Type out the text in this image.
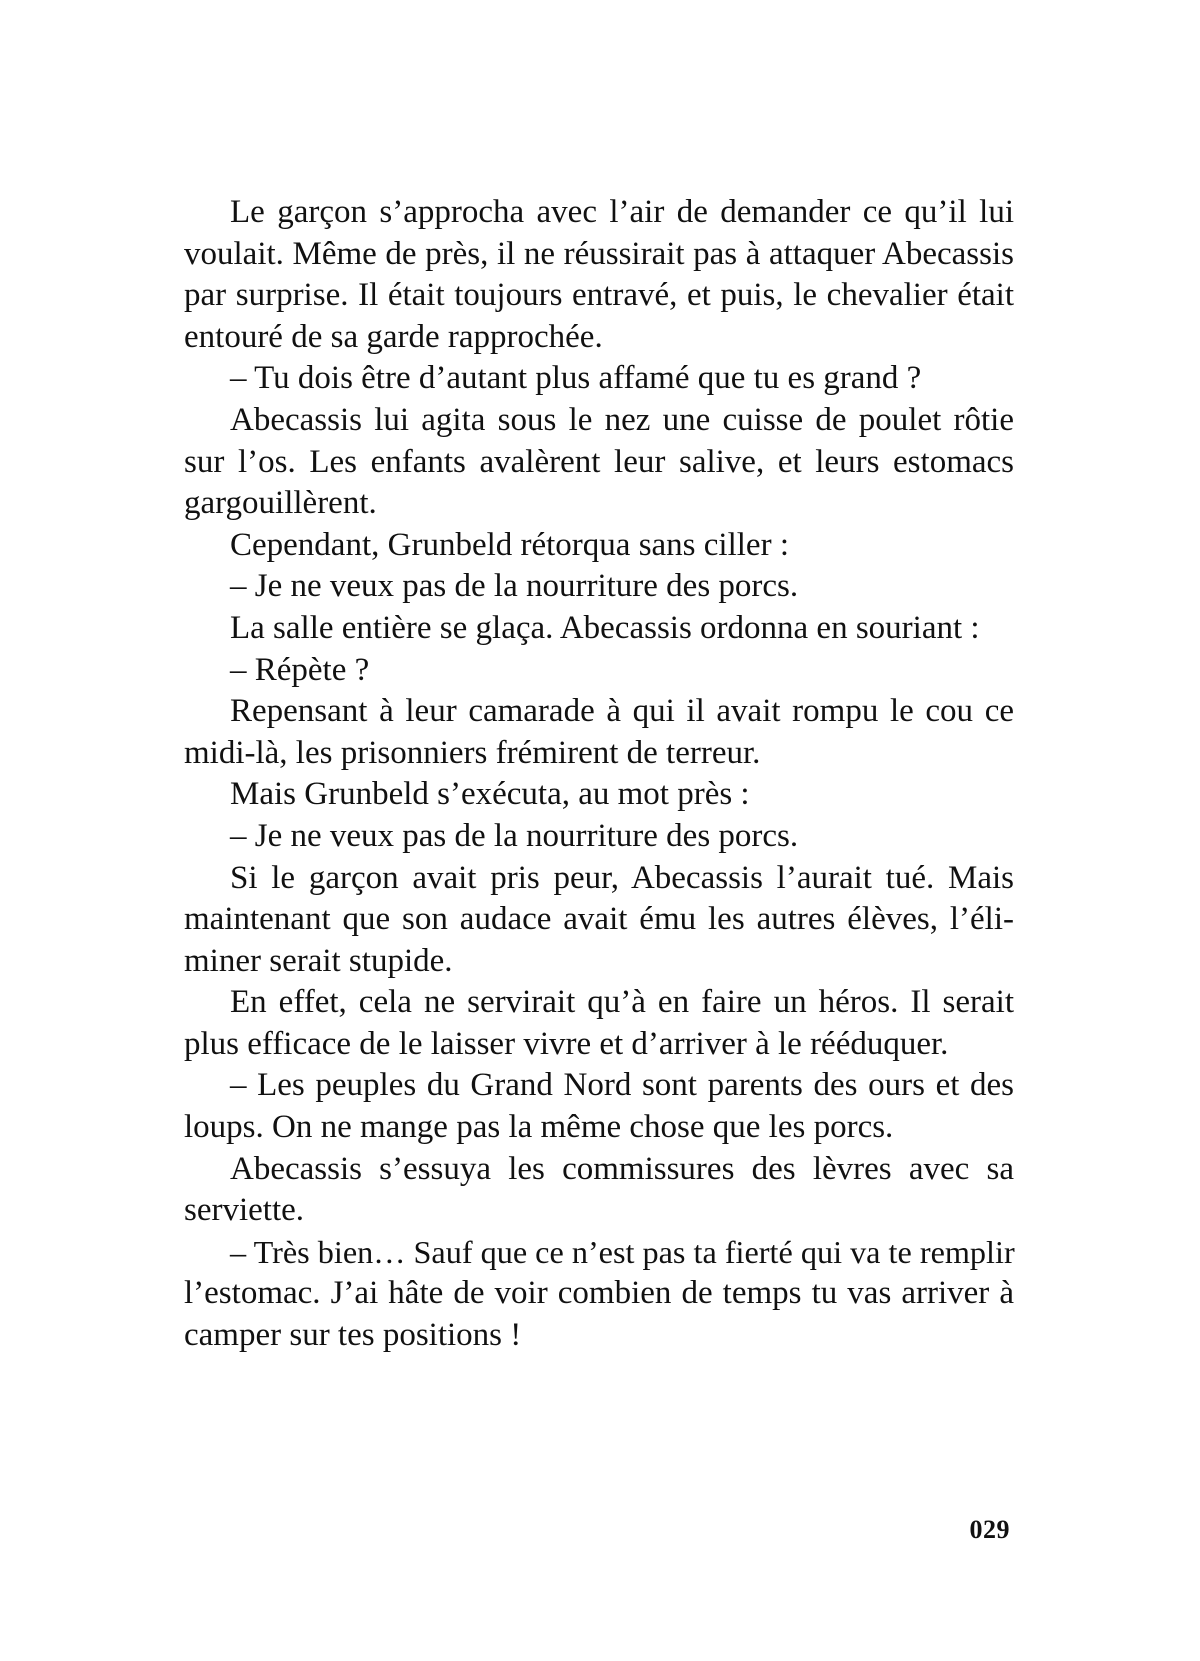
Le garçon s’approcha avec l’air de demander ce qu’il lui
voulait. Même de près, il ne réussirait pas à attaquer Abecassis
par surprise. Il était toujours entravé, et puis, le chevalier était
entouré de sa garde rapprochée.
– Tu dois être d’autant plus affamé que tu es grand ?
Abecassis lui agita sous le nez une cuisse de poulet rôtie
sur l’os. Les enfants avalèrent leur salive, et leurs estomacs
gargouillèrent.
Cependant, Grunbeld rétorqua sans ciller :
– Je ne veux pas de la nourriture des porcs.
La salle entière se glaça. Abecassis ordonna en souriant :
– Répète ?
Repensant à leur camarade à qui il avait rompu le cou ce
midi-là, les prisonniers frémirent de terreur.
Mais Grunbeld s’exécuta, au mot près :
– Je ne veux pas de la nourriture des porcs.
Si le garçon avait pris peur, Abecassis l’aurait tué. Mais
maintenant que son audace avait ému les autres élèves, l’éli-
miner serait stupide.
En effet, cela ne servirait qu’à en faire un héros. Il serait
plus efficace de le laisser vivre et d’arriver à le rééduquer.
– Les peuples du Grand Nord sont parents des ours et des
loups. On ne mange pas la même chose que les porcs.
Abecassis s’essuya les commissures des lèvres avec sa
serviette.
– Très bien… Sauf que ce n’est pas ta fierté qui va te remplir
l’estomac. J’ai hâte de voir combien de temps tu vas arriver à
camper sur tes positions !
029
